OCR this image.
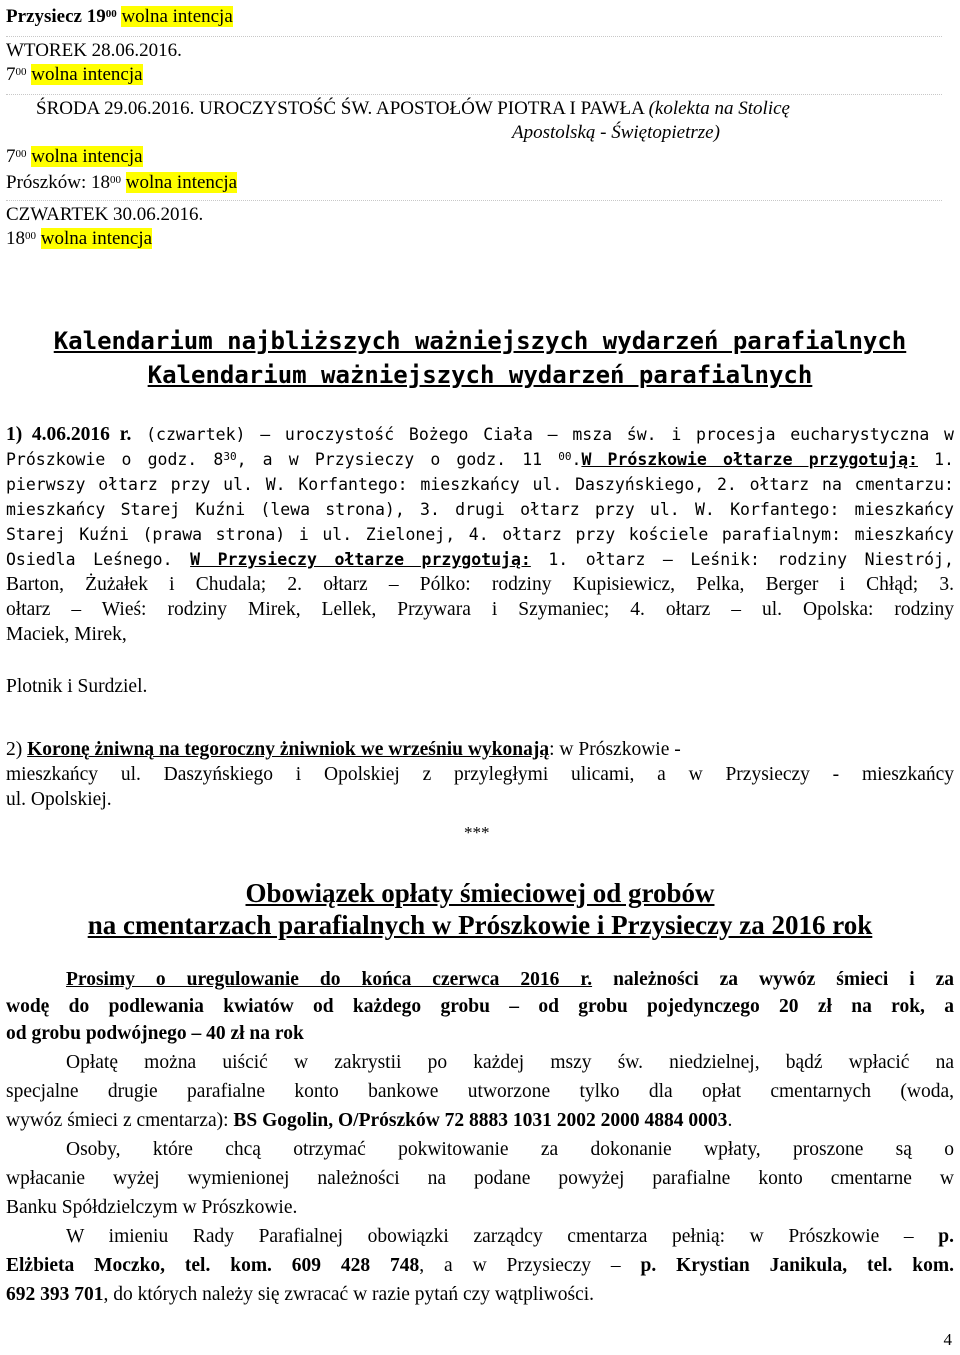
Przysiecz $19^{00}$ wolna intencja
WTOREK 28.06.2016.
$7^{00}$ wolna intencja
ŚRODA 29.06.2016. UROCZYSTOŚĆ ŚW. APOSTOŁÓW PIOTRA I PAWŁA (kolekta na Stolicę
Apostolską - Świętopietrze)
$7^{00}$ wolna intencja
Prószków: $18^{00}$ wolna intencja
CZWARTEK 30.06.2016.
$18^{00}$ wolna intencja
Kalendarium najbliższych ważniejszych wydarzeń parafialnych
Kalendarium ważniejszych wydarzeń parafialnych
1) 4.06.2016 r. (czwartek) – uroczystość Bożego Ciała – msza św. i procesja eucharystyczna w
Prószkowie o godz. $8^{30}$, a w Przysieczy o godz. 11 $^{00}$.W Prószkowie ołtarze przygotują: 1.
pierwszy ołtarz przy ul. W. Korfantego: mieszkańcy ul. Daszyńskiego, 2. ołtarz na cmentarzu:
mieszkańcy Starej Kuźni (lewa strona), 3. drugi ołtarz przy ul. W. Korfantego: mieszkańcy
Starej Kuźni (prawa strona) i ul. Zielonej, 4. ołtarz przy kościele parafialnym: mieszkańcy
Osiedla Leśnego. W Przysieczy ołtarze przygotują: 1. ołtarz – Leśnik: rodziny Niestrój,
Barton, Żużałek i Chudala; 2. ołtarz – Pólko: rodziny Kupisiewicz, Pelka, Berger i Chłąd; 3.
ołtarz – Wieś: rodziny Mirek, Lellek, Przywara i Szymaniec; 4. ołtarz – ul. Opolska: rodziny
Maciek, Mirek,
Plotnik i Surdziel.
2) Koronę żniwną na tegoroczny żniwniok we wrześniu wykonają: w Prószkowie -
mieszkańcy ul. Daszyńskiego i Opolskiej z przyległymi ulicami, a w Przysieczy - mieszkańcy
ul. Opolskiej.
***
Obowiązek opłaty śmieciowej od grobów
na cmentarzach parafialnych w Prószkowie i Przysieczy za 2016 rok
Prosimy o uregulowanie do końca czerwca 2016 r. należności za wywóz śmieci i za
wodę do podlewania kwiatów od każdego grobu – od grobu pojedynczego 20 zł na rok, a
od grobu podwójnego – 40 zł na rok
Opłatę można uiścić w zakrystii po każdej mszy św. niedzielnej, bądź wpłacić na
specjalne drugie parafialne konto bankowe utworzone tylko dla opłat cmentarnych (woda,
wywóz śmieci z cmentarza): BS Gogolin, O/Prószków 72 8883 1031 2002 2000 4884 0003.
Osoby, które chcą otrzymać pokwitowanie za dokonanie wpłaty, proszone są o
wpłacanie wyżej wymienionej należności na podane powyżej parafialne konto cmentarne w
Banku Spółdzielczym w Prószkowie.
W imieniu Rady Parafialnej obowiązki zarządcy cmentarza pełnią: w Prószkowie – p.
Elżbieta Moczko, tel. kom. 609 428 748, a w Przysieczy – p. Krystian Janikula, tel. kom.
692 393 701, do których należy się zwracać w razie pytań czy wątpliwości.
4
